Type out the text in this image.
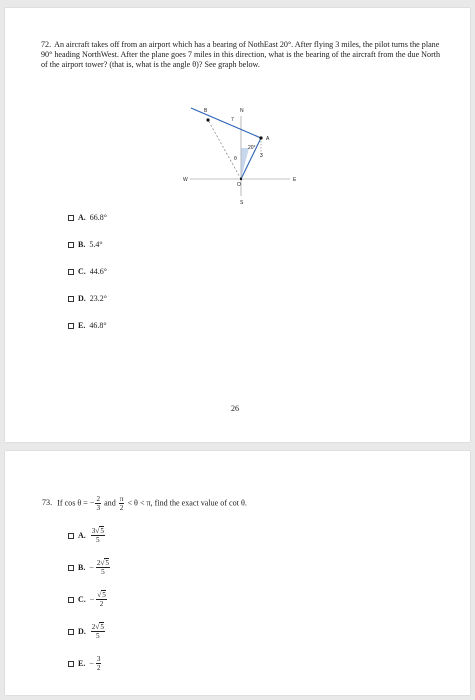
72. An aircraft takes off from an airport which has a bearing of NothEast 20°. After flying 3 miles, the pilot turns the plane 90° heading NorthWest. After the plane goes 7 miles in this direction, what is the bearing of the aircraft from the due North of the airport tower? (that is, what is the angle θ)? See graph below.

B	N
7
A
20°
3
θ
W	E
O
S
A. 66.8°
B. 5.4°
C. 44.6°
D. 23.2°
E. 46.8°
26
73. If cos θ = − $\frac{2}{3}$ and $\frac{\pi}{2} < \theta < \pi$, find the exact value of cot θ.
A. $\frac{3√5}{5}$
B. − $\frac{2√5}{5}$
C. − $\frac{√5}{2}$
D. $\frac{2√5}{5}$
E. − $\frac{3}{2}$
